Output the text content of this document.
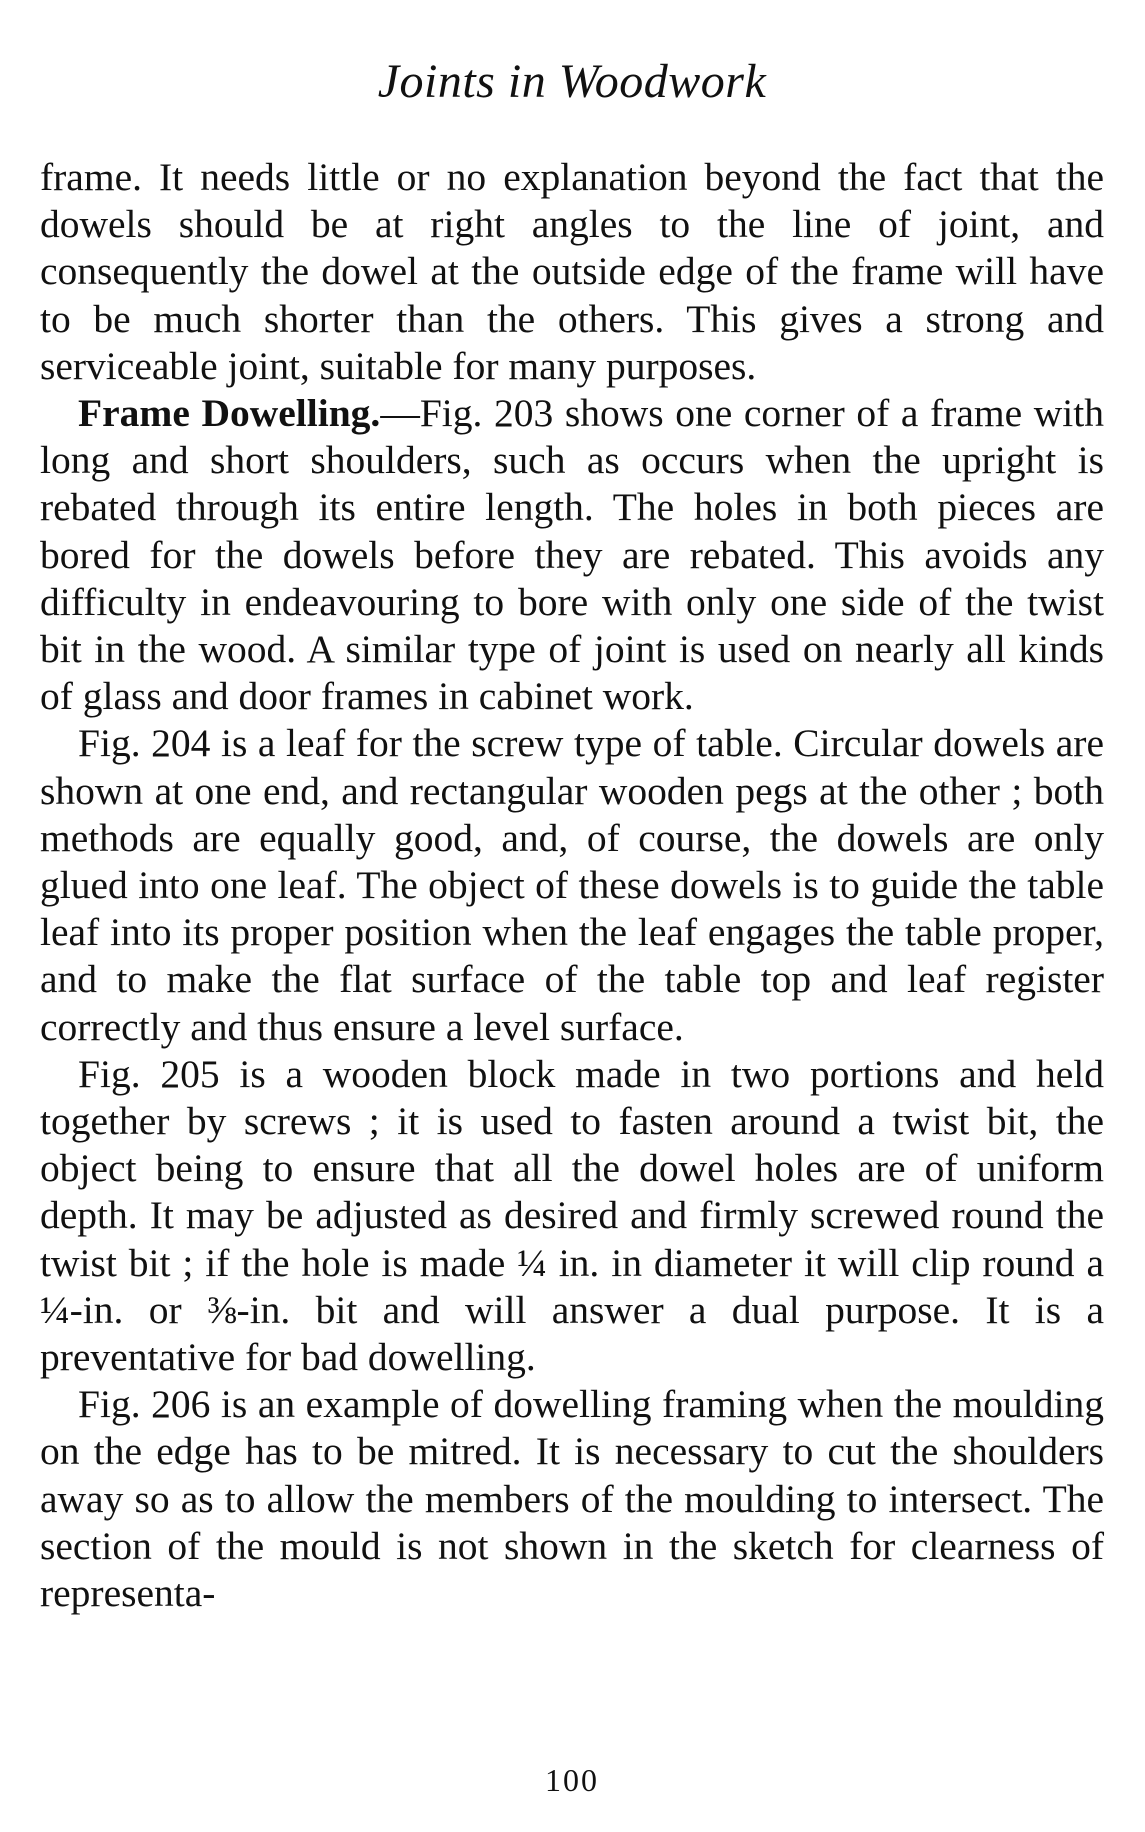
Joints in Woodwork

frame. It needs little or no explanation beyond the fact that the dowels should be at right angles to the line of joint, and consequently the dowel at the outside edge of the frame will have to be much shorter than the others. This gives a strong and serviceable joint, suitable for many purposes.

Frame Dowelling.—Fig. 203 shows one corner of a frame with long and short shoulders, such as occurs when the upright is rebated through its entire length. The holes in both pieces are bored for the dowels before they are rebated. This avoids any difficulty in endeavouring to bore with only one side of the twist bit in the wood. A similar type of joint is used on nearly all kinds of glass and door frames in cabinet work.

Fig. 204 is a leaf for the screw type of table. Circular dowels are shown at one end, and rectangular wooden pegs at the other ; both methods are equally good, and, of course, the dowels are only glued into one leaf. The object of these dowels is to guide the table leaf into its proper position when the leaf engages the table proper, and to make the flat surface of the table top and leaf register correctly and thus ensure a level surface.

Fig. 205 is a wooden block made in two portions and held together by screws ; it is used to fasten around a twist bit, the object being to ensure that all the dowel holes are of uniform depth. It may be adjusted as desired and firmly screwed round the twist bit ; if the hole is made ¼ in. in diameter it will clip round a ¼-in. or ⅜-in. bit and will answer a dual purpose. It is a preventative for bad dowelling.

Fig. 206 is an example of dowelling framing when the moulding on the edge has to be mitred. It is necessary to cut the shoulders away so as to allow the members of the moulding to intersect. The section of the mould is not shown in the sketch for clearness of representa-

100
